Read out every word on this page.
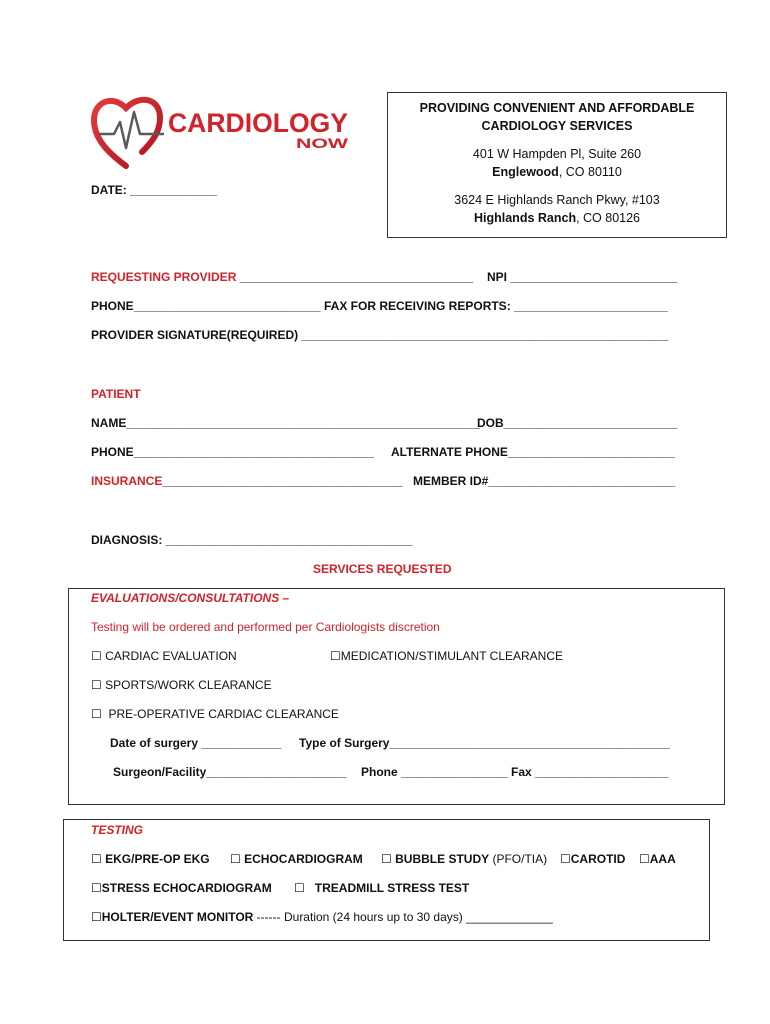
CARDIOLOGY
NOW
PROVIDING CONVENIENT AND AFFORDABLE
CARDIOLOGY SERVICES
401 W Hampden Pl, Suite 260
Englewood, CO 80110
3624 E Highlands Ranch Pkwy, #103
Highlands Ranch, CO 80126
DATE: _____________
REQUESTING PROVIDER ___________________________________ NPI _________________________
PHONE____________________________ FAX FOR RECEIVING REPORTS: _______________________
PROVIDER SIGNATURE(REQUIRED) _______________________________________________________
PATIENT
NAME_____________________________________________________
DOB__________________________
PHONE____________________________________ ALTERNATE PHONE_________________________
INSURANCE____________________________________ MEMBER ID#____________________________
DIAGNOSIS: _____________________________________
SERVICES REQUESTED
EVALUATIONS/CONSULTATIONS –
Testing will be ordered and performed per Cardiologists discretion
☐ CARDIAC EVALUATION	☐MEDICATION/STIMULANT CLEARANCE
☐ SPORTS/WORK CLEARANCE
☐ PRE-OPERATIVE CARDIAC CLEARANCE
Date of surgery ____________ Type of Surgery__________________________________________
Surgeon/Facility_____________________ Phone ________________ Fax ____________________
TESTING
☐ EKG/PRE-OP EKG ☐ ECHOCARDIOGRAM ☐ BUBBLE STUDY (PFO/TIA) ☐CAROTID ☐AAA
☐STRESS ECHOCARDIOGRAM ☐ TREADMILL STRESS TEST
☐HOLTER/EVENT MONITOR ------ Duration (24 hours up to 30 days) _____________
